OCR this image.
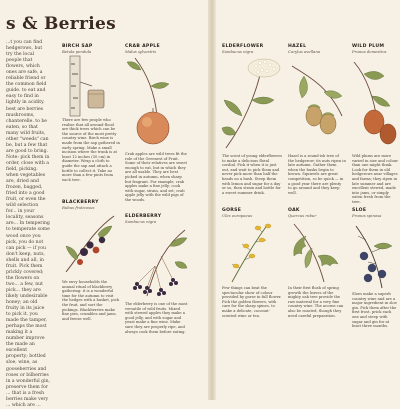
s & Berries
...t you can find hedgerows, but try the local people that flowers, which ones are safe, a reliable friend or the common field guide. to eat and easy to find in lightly in acidity. best are berries mushrooms, chanterelle. to be eaten, so that many wild fruits, other "weeds" can be, but a few that are good to bring. Note: pick them in order, close with a field, picking. when vegetables are, dried and frozen, bagged, fried into a good fruit, or even the wild selection for... in your locality, seasons are... In tempering to temperate some wood once you pick, you do not can pick — if you don't keep, nuts, shells and all, in fruit. Pick them prickly covered; the flowers on two... a few, nut pick... they are likely undesirable honey; an old fruity in its juice to pick it. you made the tamper, perhaps the most making it a number improve the made an excellent property; bottled sloe, wine, as gooseberries and roses or bilberries in a wonderful gin, preserve them for ... that is a fresh berries make very ... which are ...
BIRCH SAP
Betula pendula
There are few people who realise that all around flood are thick trees which can be the source of the most pretty country wine. Birch wine is made from the sap gathered in early spring. Make a small incision where the trunk is at least 12 inches (30 cm) in diameter. Wrap a cloth to guide the sap and attach a bottle to collect it. Take no more than a few pints from each tree.
BLACKBERRY
Rubus fruticosus
We envy households the annual ritual of blackberry gathering: it is a wonderful time for the autumn to visit the hedges with a basket, pick the fruit, and sort the pickings. Blackberries make fine pies, crumbles and jams, and freeze well.
CRAB APPLE
Malus sylvestris
Crab apples are wild trees fit the role of the Greenest of Fruit. Some of their relatives are sweet enough to eat, but in which they are all usable. They are best picked in autumn, when sharp but fragrant. For example, crab apples make a fine jelly; cook with sugar, strain, and set; crab apple jelly with the wild pigs of the woods.
ELDERBERRY
Sambucus nigra
The elderberry is one of the most versatile of wild fruits. Mixed with stewed apples they make a good jelly, and with sugar and yeast make a fine wine. Make sure they are properly ripe, and always cook them before eating.
ELDERFLOWER
Sambucus nigra
The scent of young elderflowers to make a delicious floral cordial. Pick it when it is just out, and wait to pick them and never pick more than half the heads on a bush. Steep them with lemon and sugar for a day or so, then strain and bottle for a sweet summer drink.
GORSE
Ulex europaeus
Few things can beat the spectacular show of colour provided by gorse in full flower. Pick the golden flowers, with care for the sharp spines, to make a delicate, coconut-scented wine or tea.
HAZEL
Corylus avellana
Hazel is a round-ish tree of the hedgerow; its nuts ripen in late autumn. Gather them when the husks begin to brown. Squirrels are great competition, so be quick — in a good year there are plenty to go around and they keep well.
OAK
Quercus robur
In their first flush of spring growth the leaves of the mighty oak tree provide the raw material for a very fine country wine. The acorns can also be roasted, though they need careful preparation.
WILD PLUM
Prunus domestica
Wild plums are more varied in size and colour than one might think. Look for them in old hedgerows near villages and farms; they ripen in late summer and are excellent stewed, made into jams, or simply eaten fresh from the tree.
SLOE
Prunus spinosa
Sloes make a superb country wine and are a major ingredient in sloe gin. Pick them after the first frost, prick each one and steep with sugar and gin for at least three months.
